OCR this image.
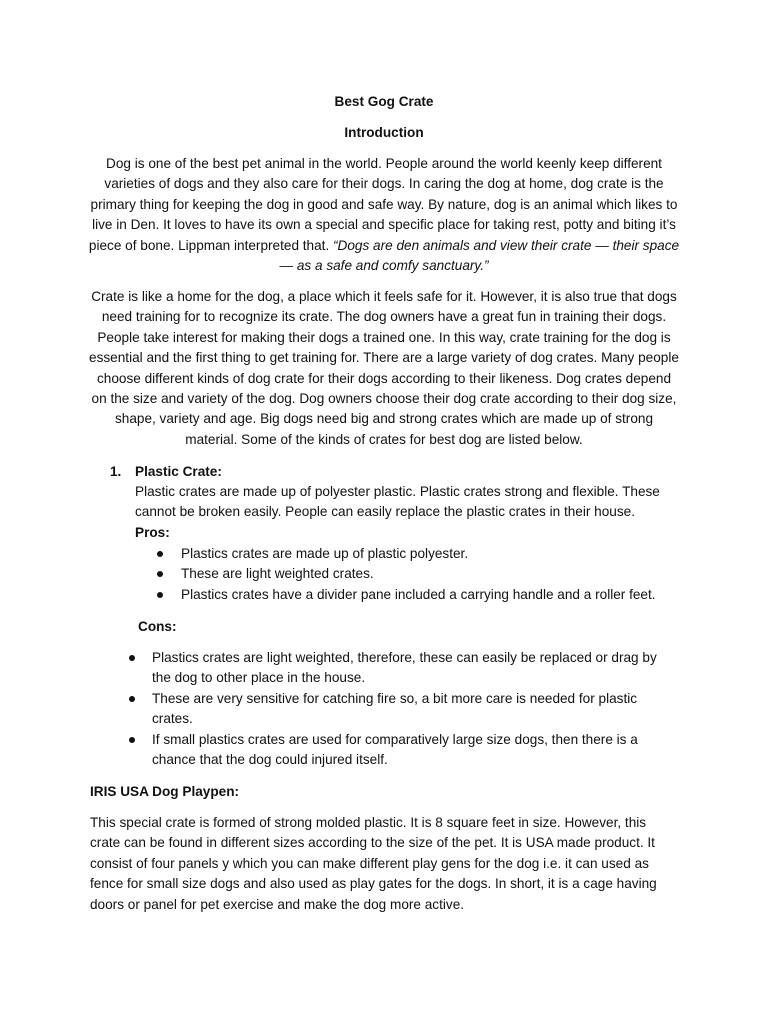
Best Gog Crate
Introduction
Dog is one of the best pet animal in the world. People around the world keenly keep different varieties of dogs and they also care for their dogs. In caring the dog at home, dog crate is the primary thing for keeping the dog in good and safe way. By nature, dog is an animal which likes to live in Den. It loves to have its own a special and specific place for taking rest, potty and biting it’s piece of bone. Lippman interpreted that. “Dogs are den animals and view their crate — their space — as a safe and comfy sanctuary.”
Crate is like a home for the dog, a place which it feels safe for it. However, it is also true that dogs need training for to recognize its crate. The dog owners have a great fun in training their dogs. People take interest for making their dogs a trained one. In this way, crate training for the dog is essential and the first thing to get training for. There are a large variety of dog crates. Many people choose different kinds of dog crate for their dogs according to their likeness. Dog crates depend on the size and variety of the dog. Dog owners choose their dog crate according to their dog size, shape, variety and age. Big dogs need big and strong crates which are made up of strong material. Some of the kinds of crates for best dog are listed below.
1. Plastic Crate:
Plastic crates are made up of polyester plastic. Plastic crates strong and flexible. These cannot be broken easily. People can easily replace the plastic crates in their house.
Pros:
Plastics crates are made up of plastic polyester.
These are light weighted crates.
Plastics crates have a divider pane included a carrying handle and a roller feet.
Cons:
Plastics crates are light weighted, therefore, these can easily be replaced or drag by the dog to other place in the house.
These are very sensitive for catching fire so, a bit more care is needed for plastic crates.
If small plastics crates are used for comparatively large size dogs, then there is a chance that the dog could injured itself.
IRIS USA Dog Playpen:
This special crate is formed of strong molded plastic. It is 8 square feet in size. However, this crate can be found in different sizes according to the size of the pet. It is USA made product. It consist of four panels y which you can make different play gens for the dog i.e. it can used as fence for small size dogs and also used as play gates for the dogs. In short, it is a cage having doors or panel for pet exercise and make the dog more active.
